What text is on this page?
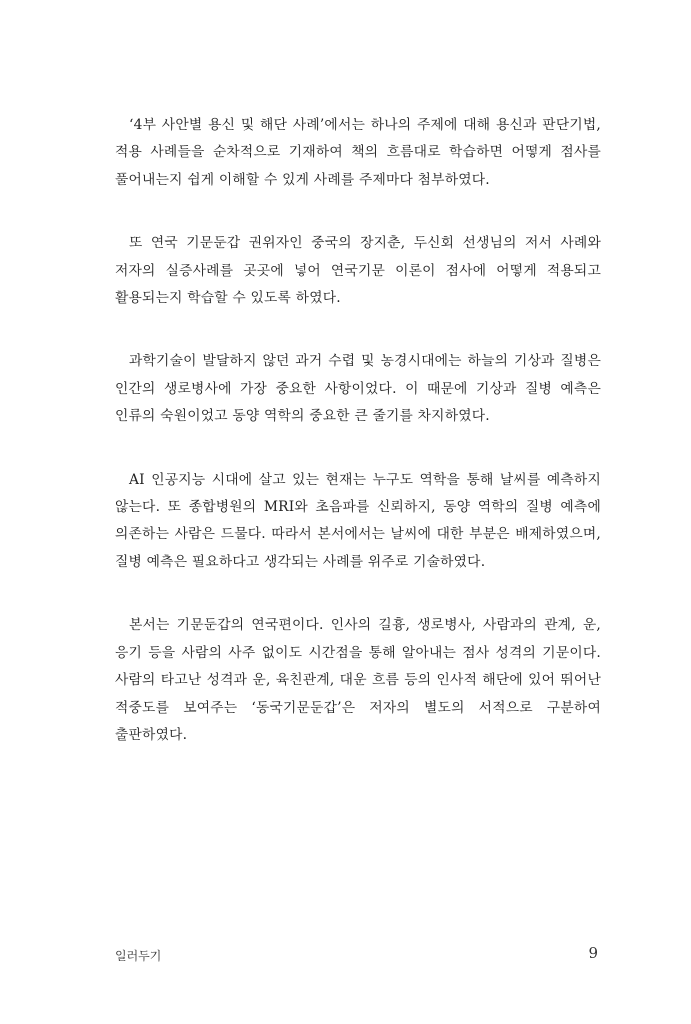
‘4부 사안별 용신 및 해단 사례’에서는 하나의 주제에 대해 용신과 판단기법, 적용 사례들을 순차적으로 기재하여 책의 흐름대로 학습하면 어떻게 점사를 풀어내는지 쉽게 이해할 수 있게 사례를 주제마다 첨부하였다.

또 연국 기문둔갑 권위자인 중국의 장지춘, 두신회 선생님의 저서 사례와 저자의 실증사례를 곳곳에 넣어 연국기문 이론이 점사에 어떻게 적용되고 활용되는지 학습할 수 있도록 하였다.

과학기술이 발달하지 않던 과거 수렵 및 농경시대에는 하늘의 기상과 질병은 인간의 생로병사에 가장 중요한 사항이었다. 이 때문에 기상과 질병 예측은 인류의 숙원이었고 동양 역학의 중요한 큰 줄기를 차지하였다.

AI 인공지능 시대에 살고 있는 현재는 누구도 역학을 통해 날씨를 예측하지 않는다. 또 종합병원의 MRI와 초음파를 신뢰하지, 동양 역학의 질병 예측에 의존하는 사람은 드물다. 따라서 본서에서는 날씨에 대한 부분은 배제하였으며, 질병 예측은 필요하다고 생각되는 사례를 위주로 기술하였다.

본서는 기문둔갑의 연국편이다. 인사의 길흉, 생로병사, 사람과의 관계, 운, 응기 등을 사람의 사주 없이도 시간점을 통해 알아내는 점사 성격의 기문이다. 사람의 타고난 성격과 운, 육친관계, 대운 흐름 등의 인사적 해단에 있어 뛰어난 적중도를 보여주는 ‘동국기문둔갑’은 저자의 별도의 서적으로 구분하여 출판하였다.

일러두기	9
